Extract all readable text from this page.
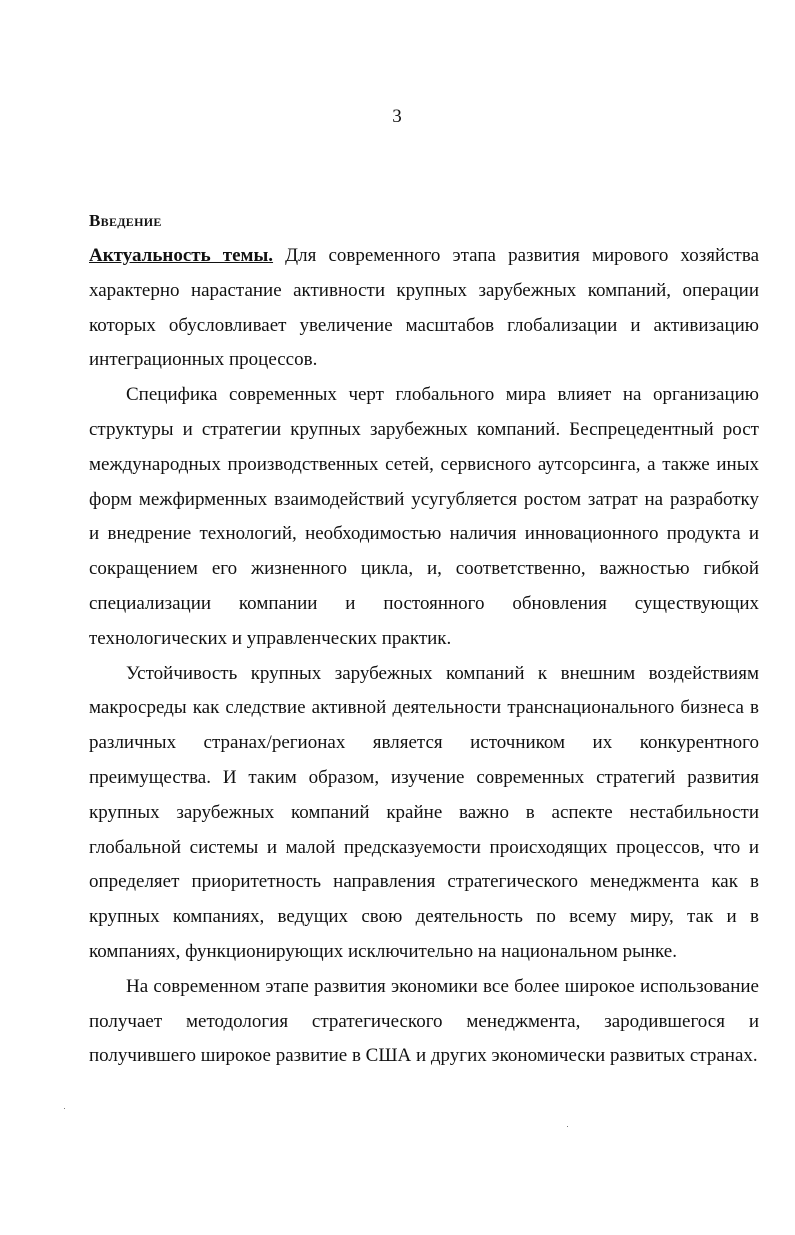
3
Введение

Актуальность темы. Для современного этапа развития мирового хозяйства характерно нарастание активности крупных зарубежных компаний, операции которых обусловливает увеличение масштабов глобализации и активизацию интеграционных процессов.

Специфика современных черт глобального мира влияет на организацию структуры и стратегии крупных зарубежных компаний. Беспрецедентный рост международных производственных сетей, сервисного аутсорсинга, а также иных форм межфирменных взаимодействий усугубляется ростом затрат на разработку и внедрение технологий, необходимостью наличия инновационного продукта и сокращением его жизненного цикла, и, соответственно, важностью гибкой специализации компании и постоянного обновления существующих технологических и управленческих практик.

Устойчивость крупных зарубежных компаний к внешним воздействиям макросреды как следствие активной деятельности транснационального бизнеса в различных странах/регионах является источником их конкурентного преимущества. И таким образом, изучение современных стратегий развития крупных зарубежных компаний крайне важно в аспекте нестабильности глобальной системы и малой предсказуемости происходящих процессов, что и определяет приоритетность направления стратегического менеджмента как в крупных компаниях, ведущих свою деятельность по всему миру, так и в компаниях, функционирующих исключительно на национальном рынке.

На современном этапе развития экономики все более широкое использование получает методология стратегического менеджмента, зародившегося и получившего широкое развитие в США и других экономически развитых странах.
